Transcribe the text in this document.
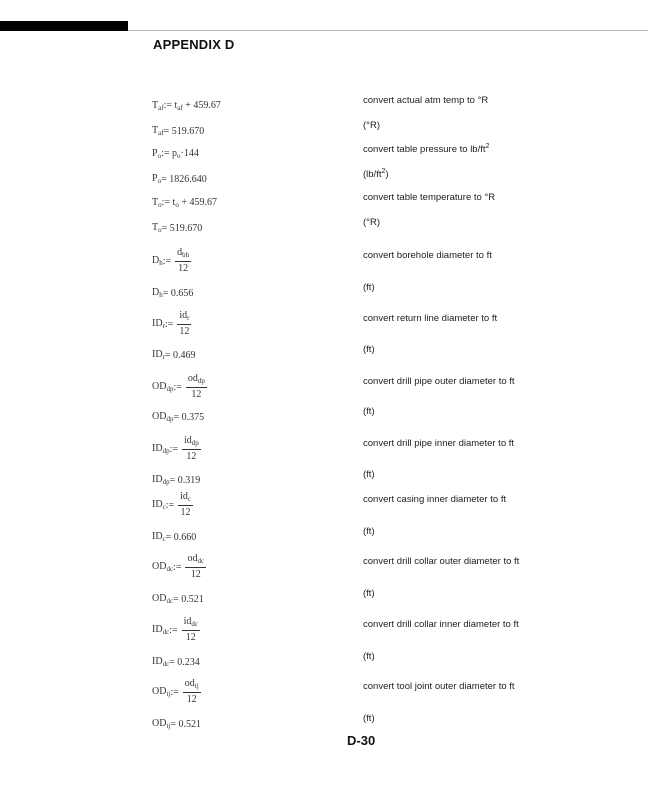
APPENDIX D
$T_{af}$ := $t_{af} + 459.67$	convert actual atm temp to °R
$T_{af} = 519.670$	(°R)
$P_o$ := $p_o\cdot 144$	convert table pressure to $lb/ft^2$
$P_o = 1826.640$	$(lb/ft^2)$
$T_o$ := $t_o + 459.67$	convert table temperature to °R
$T_o = 519.670$	(°R)
$D_h$ := $\frac{d_{bh}}{12}$	convert borehole diameter to ft
$D_h = 0.656$	(ft)
$ID_r$ := $\frac{id_r}{12}$	convert return line diameter to ft
$ID_r = 0.469$	(ft)
$OD_{dp}$ := $\frac{od_{dp}}{12}$	convert drill pipe outer diameter to ft
$OD_{dp} = 0.375$	(ft)
$ID_{dp}$ := $\frac{id_{dp}}{12}$	convert drill pipe inner diameter to ft
$ID_{dp} = 0.319$	(ft)
$ID_c$ := $\frac{id_c}{12}$	convert casing inner diameter to ft
$ID_c = 0.660$	(ft)
$OD_{dc}$ := $\frac{od_{dc}}{12}$	convert drill collar outer diameter to ft
$OD_{dc} = 0.521$	(ft)
$ID_{dc}$ := $\frac{id_{dc}}{12}$	convert drill collar inner diameter to ft
$ID_{dc} = 0.234$	(ft)
$OD_{tj}$ := $\frac{od_{tj}}{12}$	convert tool joint outer diameter to ft
$OD_{tj} = 0.521$	(ft)
D-30
